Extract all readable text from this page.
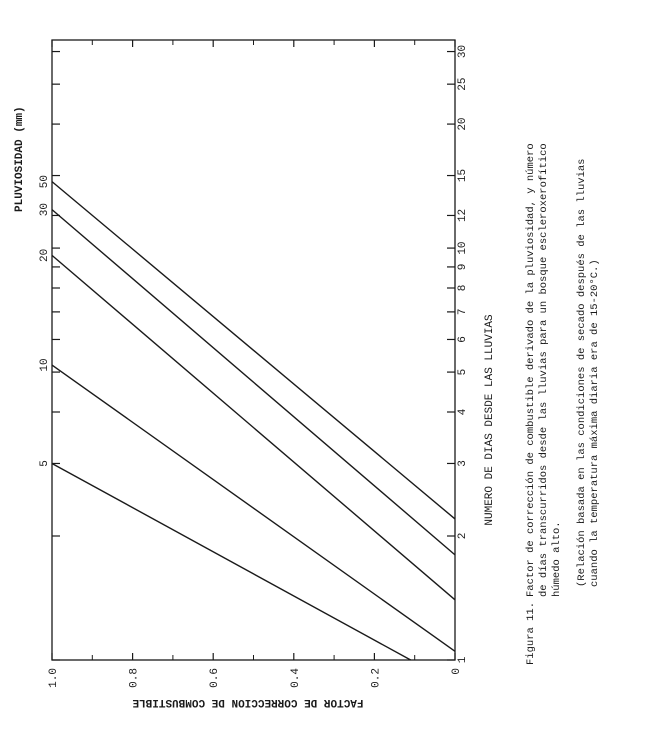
0
0.2
0.4
0.6
0.8
1.0
1
2
3
4
5
6
7
8
9
10
12
15
20
25
30
5
10
20
30
50
PLUVIOSIDAD (mm)
NUMERO DE DIAS DESDE LAS LLUVIAS
FACTOR DE CORRECCION DE COMBUSTIBLE
Figura 11.
Factor de corrección de combustible derivado de la pluviosidad, y número de días transcurridos desde las lluvias para un bosque escleroxerofítico húmedo alto. (Relación basada en las condiciones de secado después de las lluvias cuando la temperatura máxima diaria era de 15-20°C.)
